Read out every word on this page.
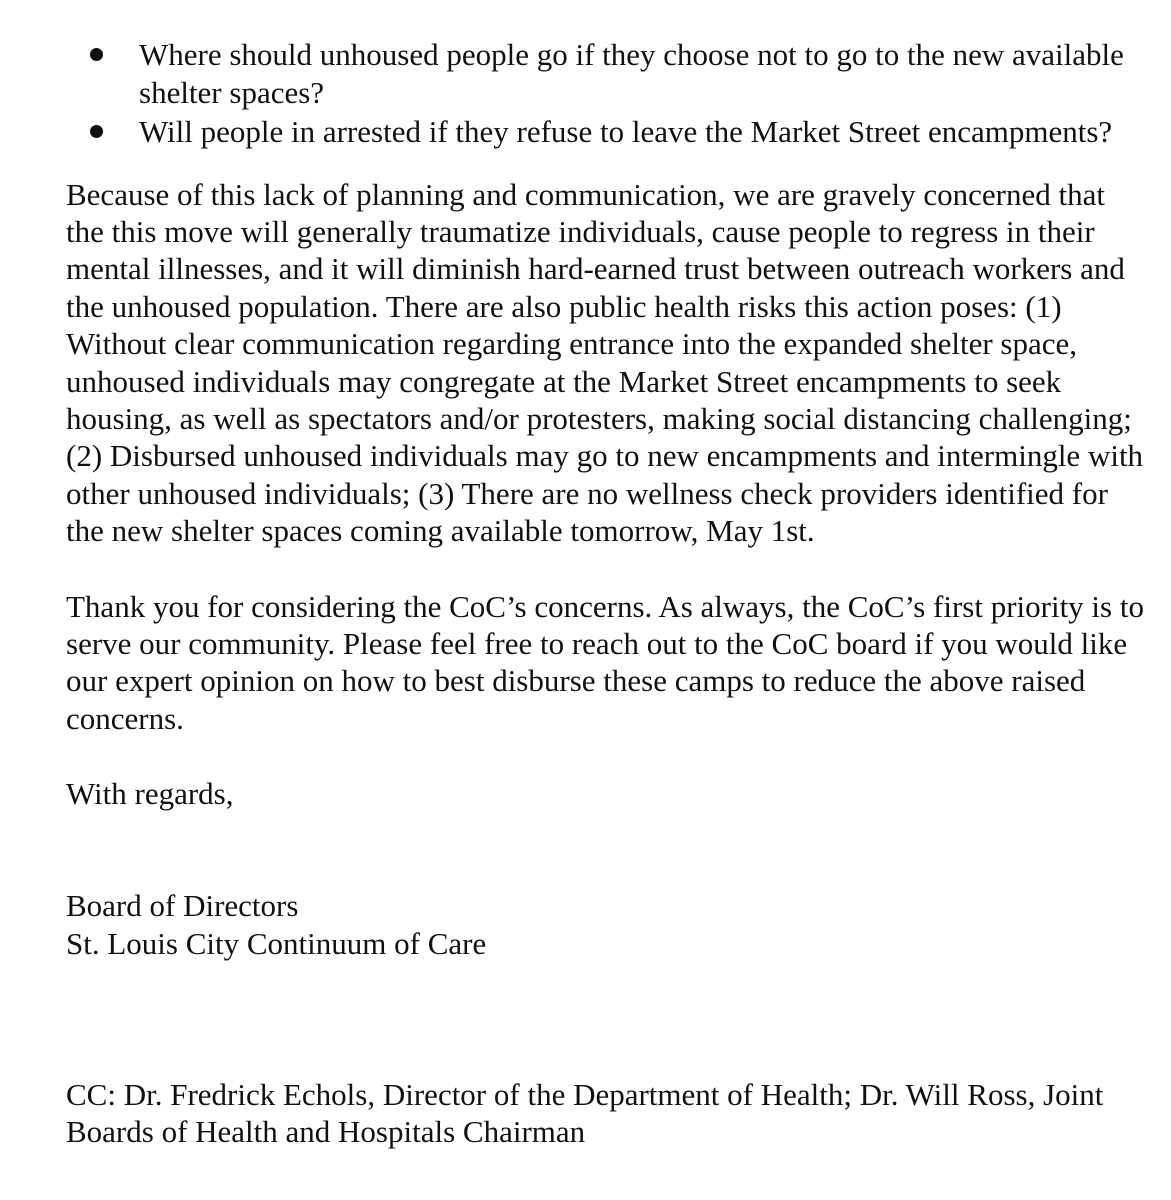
Where should unhoused people go if they choose not to go to the new available
shelter spaces?
Will people in arrested if they refuse to leave the Market Street encampments?
Because of this lack of planning and communication, we are gravely concerned that
the this move will generally traumatize individuals, cause people to regress in their
mental illnesses, and it will diminish hard-earned trust between outreach workers and
the unhoused population. There are also public health risks this action poses: (1)
Without clear communication regarding entrance into the expanded shelter space,
unhoused individuals may congregate at the Market Street encampments to seek
housing, as well as spectators and/or protesters, making social distancing challenging;
(2) Disbursed unhoused individuals may go to new encampments and intermingle with
other unhoused individuals; (3) There are no wellness check providers identified for
the new shelter spaces coming available tomorrow, May 1st.
Thank you for considering the CoC’s concerns. As always, the CoC’s first priority is to
serve our community. Please feel free to reach out to the CoC board if you would like
our expert opinion on how to best disburse these camps to reduce the above raised
concerns.
With regards,
Board of Directors
St. Louis City Continuum of Care
CC: Dr. Fredrick Echols, Director of the Department of Health; Dr. Will Ross, Joint
Boards of Health and Hospitals Chairman
